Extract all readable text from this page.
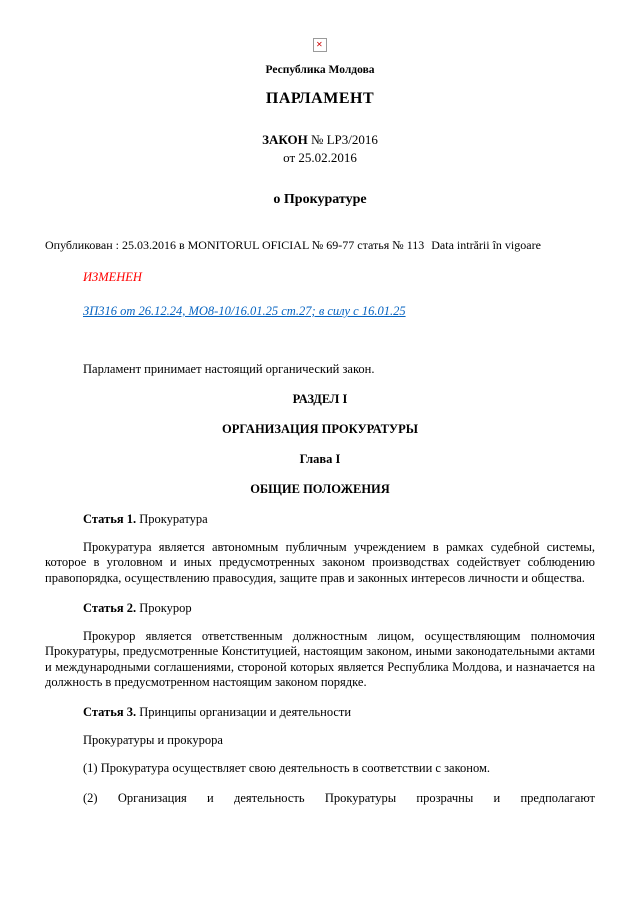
✕
Республика Молдова
ПАРЛАМЕНТ
ЗАКОН № LP3/2016
от 25.02.2016
о Прокуратуре
Опубликован : 25.03.2016 в MONITORUL OFICIAL № 69-77 статья № 113 Data intrării în vigoare
ИЗМЕНЕН
ЗП316 от 26.12.24, МО8-10/16.01.25 ст.27; в силу с 16.01.25

Парламент принимает настоящий органический закон.

РАЗДЕЛ I
ОРГАНИЗАЦИЯ ПРОКУРАТУРЫ
Глава I
ОБЩИЕ ПОЛОЖЕНИЯ
Статья 1. Прокуратура

Прокуратура является автономным публичным учреждением в рамках судебной системы, которое в уголовном и иных предусмотренных законом производствах содействует соблюдению правопорядка, осуществлению правосудия, защите прав и законных интересов личности и общества.

Статья 2. Прокурор

Прокурор является ответственным должностным лицом, осуществляющим полномочия Прокуратуры, предусмотренные Конституцией, настоящим законом, иными законодательными актами и международными соглашениями, стороной которых является Республика Молдова, и назначается на должность в предусмотренном настоящим законом порядке.

Статья 3. Принципы организации и деятельности
Прокуратуры и прокурора

(1) Прокуратура осуществляет свою деятельность в соответствии с законом.

(2) Организация и деятельность Прокуратуры прозрачны и предполагают
